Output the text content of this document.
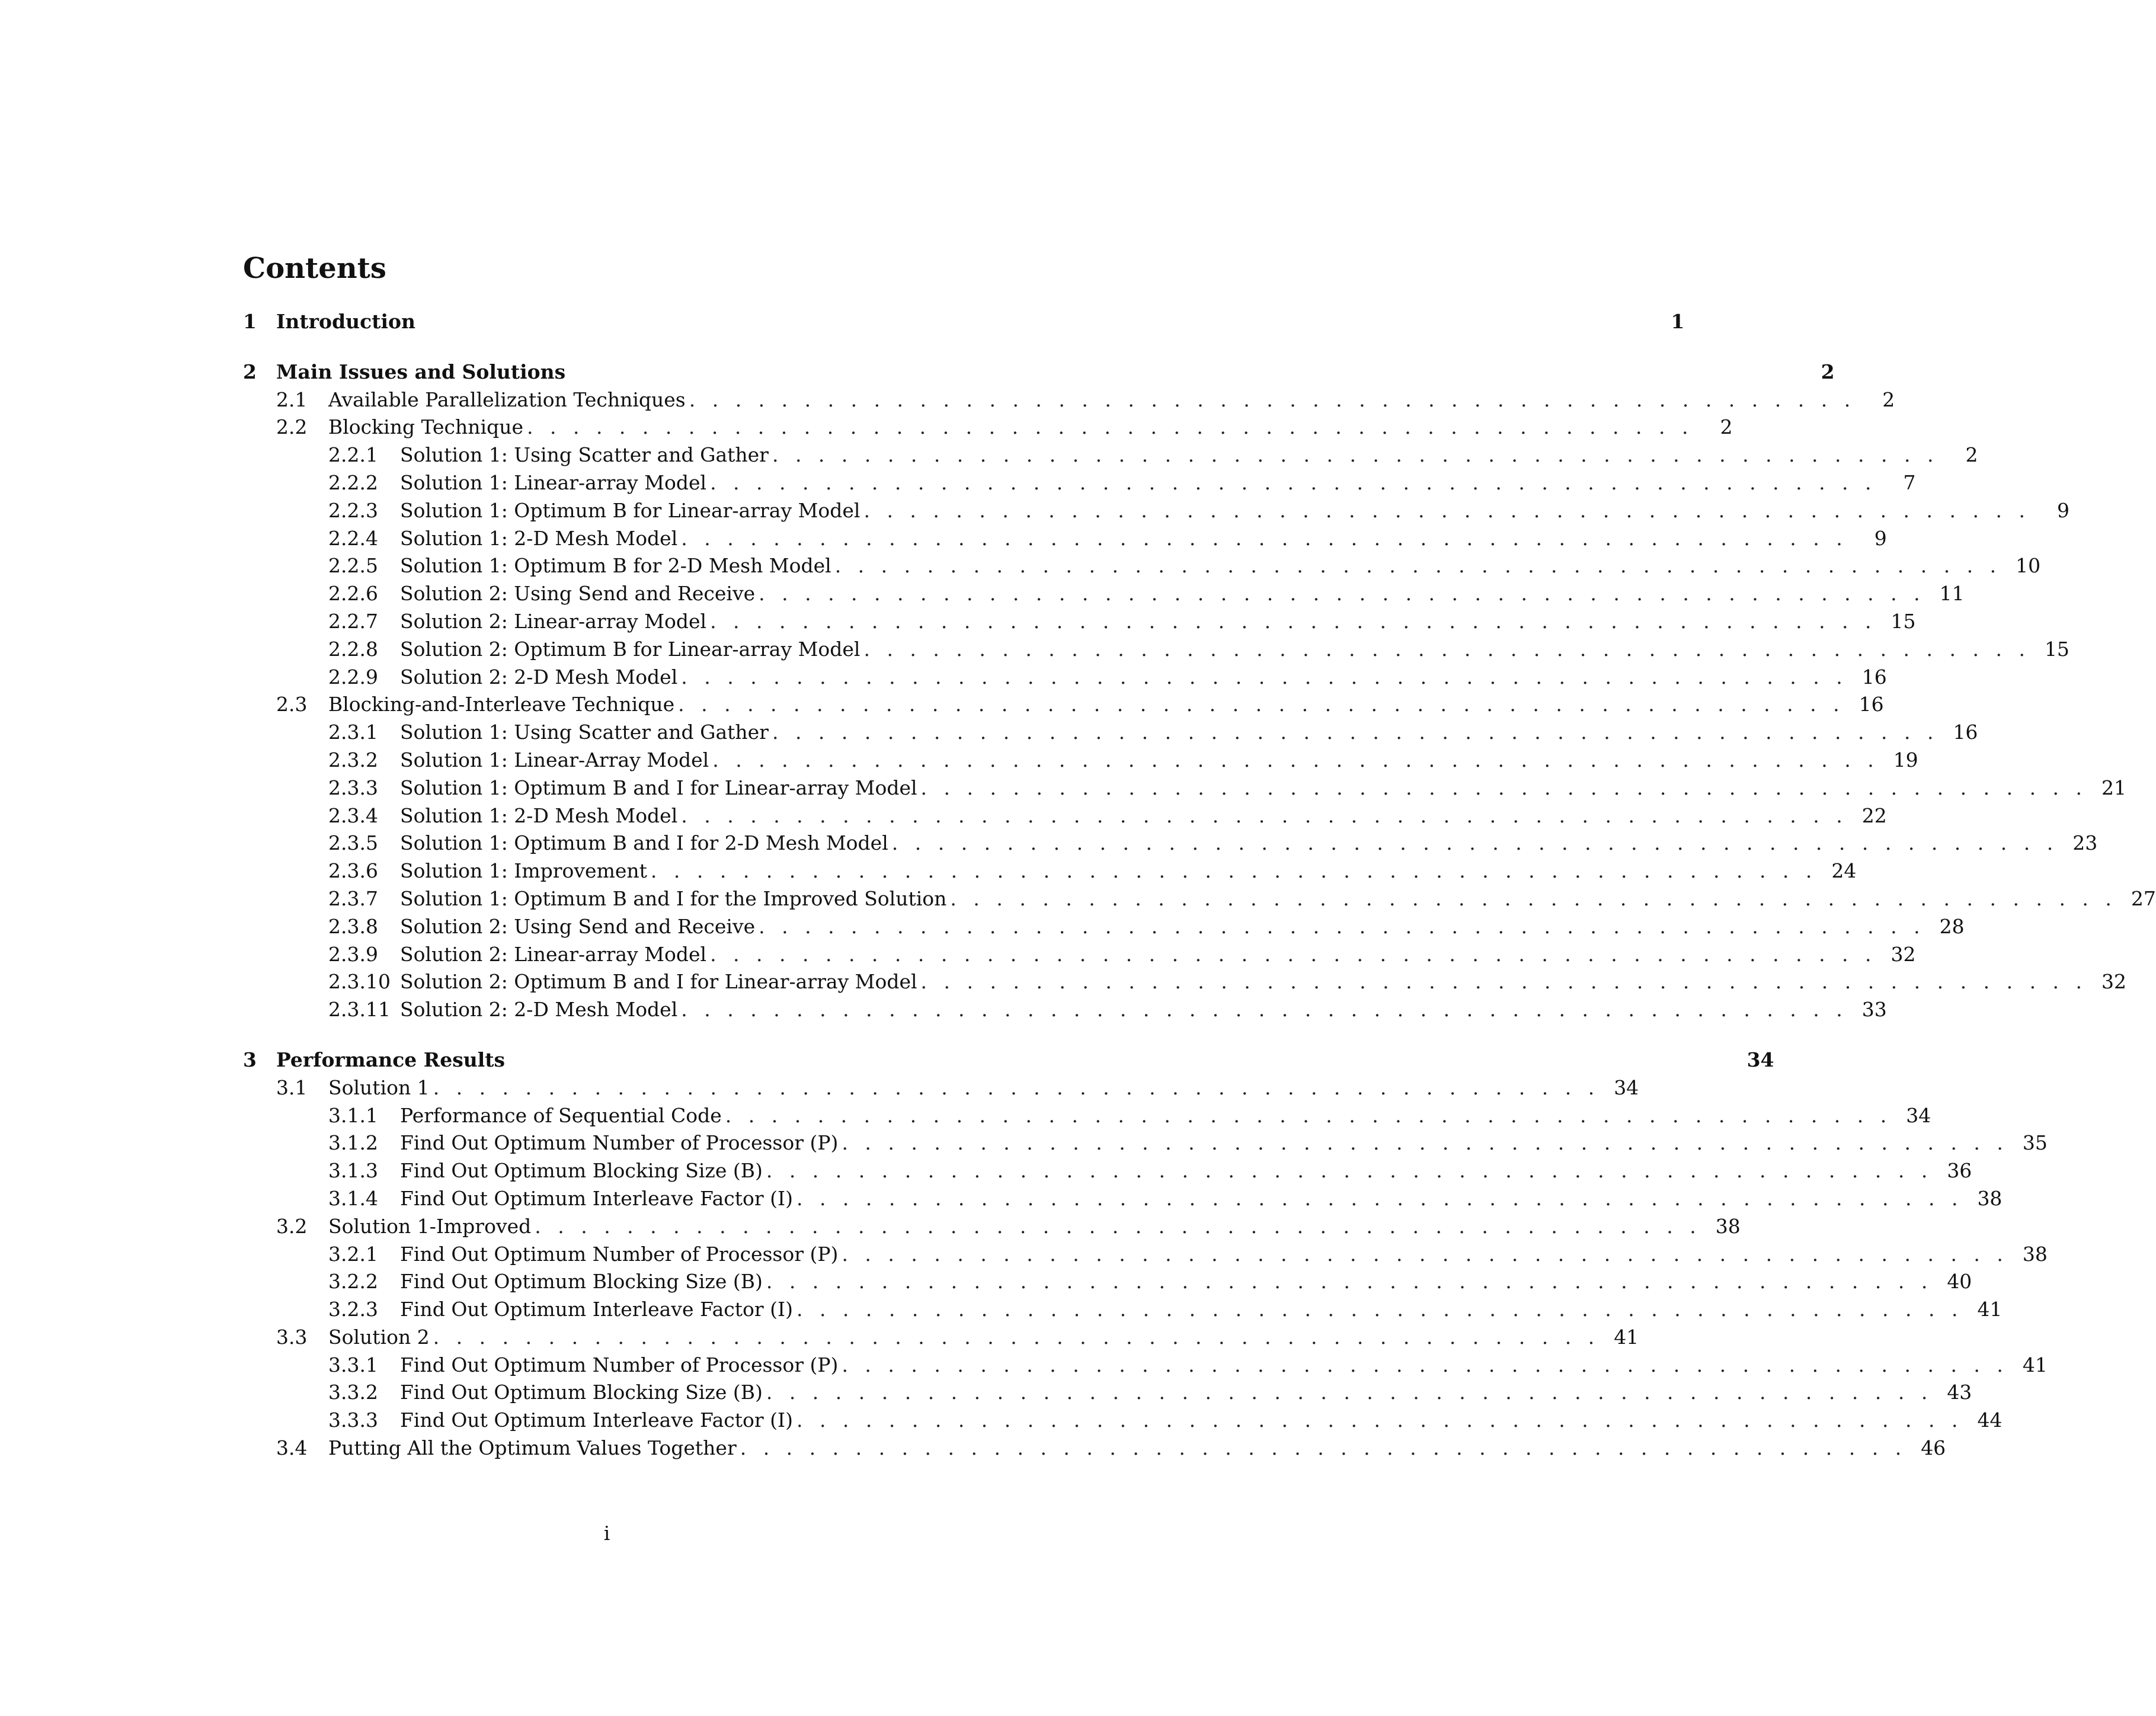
Contents
1	Introduction	1
2	Main Issues and Solutions	2
2.1	Available Parallelization Techniques . . . . . . . . . . . . . . . . . . . . . . . . . . . . . . . . . . . . . . . . . . . . . . . . . . .	2
2.2	Blocking Technique . . . . . . . . . . . . . . . . . . . . . . . . . . . . . . . . . . . . . . . . . . . . . . . . . . .	2
2.2.1	Solution 1: Using Scatter and Gather . . . . . . . . . . . . . . . . . . . . . . . . . . . . . . . . . . . . . . . . . . . . . . . . . . .	2
2.2.2	Solution 1: Linear-array Model . . . . . . . . . . . . . . . . . . . . . . . . . . . . . . . . . . . . . . . . . . . . . . . . . . .	7
2.2.3	Solution 1: Optimum B for Linear-array Model . . . . . . . . . . . . . . . . . . . . . . . . . . . . . . . . . . . . . . . . . . . . . . . . . . .	9
2.2.4	Solution 1: 2-D Mesh Model . . . . . . . . . . . . . . . . . . . . . . . . . . . . . . . . . . . . . . . . . . . . . . . . . . .	9
2.2.5	Solution 1: Optimum B for 2-D Mesh Model . . . . . . . . . . . . . . . . . . . . . . . . . . . . . . . . . . . . . . . . . . . . . . . . . . . 10
2.2.6	Solution 2: Using Send and Receive . . . . . . . . . . . . . . . . . . . . . . . . . . . . . . . . . . . . . . . . . . . . . . . . . . . 11
2.2.7	Solution 2: Linear-array Model . . . . . . . . . . . . . . . . . . . . . . . . . . . . . . . . . . . . . . . . . . . . . . . . . . . 15
2.2.8	Solution 2: Optimum B for Linear-array Model . . . . . . . . . . . . . . . . . . . . . . . . . . . . . . . . . . . . . . . . . . . . . . . . . . . 15
2.2.9	Solution 2: 2-D Mesh Model . . . . . . . . . . . . . . . . . . . . . . . . . . . . . . . . . . . . . . . . . . . . . . . . . . . 16
2.3	Blocking-and-Interleave Technique . . . . . . . . . . . . . . . . . . . . . . . . . . . . . . . . . . . . . . . . . . . . . . . . . . . 16
2.3.1	Solution 1: Using Scatter and Gather . . . . . . . . . . . . . . . . . . . . . . . . . . . . . . . . . . . . . . . . . . . . . . . . . . . 16
2.3.2	Solution 1: Linear-Array Model . . . . . . . . . . . . . . . . . . . . . . . . . . . . . . . . . . . . . . . . . . . . . . . . . . . 19
2.3.3	Solution 1: Optimum B and I for Linear-array Model . . . . . . . . . . . . . . . . . . . . . . . . . . . . . . . . . . . . . . . . . . . . . . . . . . . 21
2.3.4	Solution 1: 2-D Mesh Model . . . . . . . . . . . . . . . . . . . . . . . . . . . . . . . . . . . . . . . . . . . . . . . . . . . 22
2.3.5	Solution 1: Optimum B and I for 2-D Mesh Model . . . . . . . . . . . . . . . . . . . . . . . . . . . . . . . . . . . . . . . . . . . . . . . . . . . 23
2.3.6	Solution 1: Improvement . . . . . . . . . . . . . . . . . . . . . . . . . . . . . . . . . . . . . . . . . . . . . . . . . . . 24
2.3.7	Solution 1: Optimum B and I for the Improved Solution . . . . . . . . . . . . . . . . . . . . . . . . . . . . . . . . . . . . . . . . . . . . . . . . . . . 27
2.3.8	Solution 2: Using Send and Receive . . . . . . . . . . . . . . . . . . . . . . . . . . . . . . . . . . . . . . . . . . . . . . . . . . . 28
2.3.9	Solution 2: Linear-array Model . . . . . . . . . . . . . . . . . . . . . . . . . . . . . . . . . . . . . . . . . . . . . . . . . . . 32
2.3.10 Solution 2: Optimum B and I for Linear-array Model . . . . . . . . . . . . . . . . . . . . . . . . . . . . . . . . . . . . . . . . . . . . . . . . . . . 32
2.3.11 Solution 2: 2-D Mesh Model . . . . . . . . . . . . . . . . . . . . . . . . . . . . . . . . . . . . . . . . . . . . . . . . . . . 33
3	Performance Results	34
3.1	Solution 1 . . . . . . . . . . . . . . . . . . . . . . . . . . . . . . . . . . . . . . . . . . . . . . . . . . . 34
3.1.1	Performance of Sequential Code . . . . . . . . . . . . . . . . . . . . . . . . . . . . . . . . . . . . . . . . . . . . . . . . . . . 34
3.1.2	Find Out Optimum Number of Processor (P) . . . . . . . . . . . . . . . . . . . . . . . . . . . . . . . . . . . . . . . . . . . . . . . . . . . 35
3.1.3	Find Out Optimum Blocking Size (B) . . . . . . . . . . . . . . . . . . . . . . . . . . . . . . . . . . . . . . . . . . . . . . . . . . . 36
3.1.4	Find Out Optimum Interleave Factor (I) . . . . . . . . . . . . . . . . . . . . . . . . . . . . . . . . . . . . . . . . . . . . . . . . . . . 38
3.2	Solution 1-Improved . . . . . . . . . . . . . . . . . . . . . . . . . . . . . . . . . . . . . . . . . . . . . . . . . . . 38
3.2.1	Find Out Optimum Number of Processor (P) . . . . . . . . . . . . . . . . . . . . . . . . . . . . . . . . . . . . . . . . . . . . . . . . . . . 38
3.2.2	Find Out Optimum Blocking Size (B) . . . . . . . . . . . . . . . . . . . . . . . . . . . . . . . . . . . . . . . . . . . . . . . . . . . 40
3.2.3	Find Out Optimum Interleave Factor (I) . . . . . . . . . . . . . . . . . . . . . . . . . . . . . . . . . . . . . . . . . . . . . . . . . . . 41
3.3	Solution 2 . . . . . . . . . . . . . . . . . . . . . . . . . . . . . . . . . . . . . . . . . . . . . . . . . . . 41
3.3.1	Find Out Optimum Number of Processor (P) . . . . . . . . . . . . . . . . . . . . . . . . . . . . . . . . . . . . . . . . . . . . . . . . . . . 41
3.3.2	Find Out Optimum Blocking Size (B) . . . . . . . . . . . . . . . . . . . . . . . . . . . . . . . . . . . . . . . . . . . . . . . . . . . 43
3.3.3	Find Out Optimum Interleave Factor (I) . . . . . . . . . . . . . . . . . . . . . . . . . . . . . . . . . . . . . . . . . . . . . . . . . . . 44
3.4	Putting All the Optimum Values Together . . . . . . . . . . . . . . . . . . . . . . . . . . . . . . . . . . . . . . . . . . . . . . . . . . . 46
i
